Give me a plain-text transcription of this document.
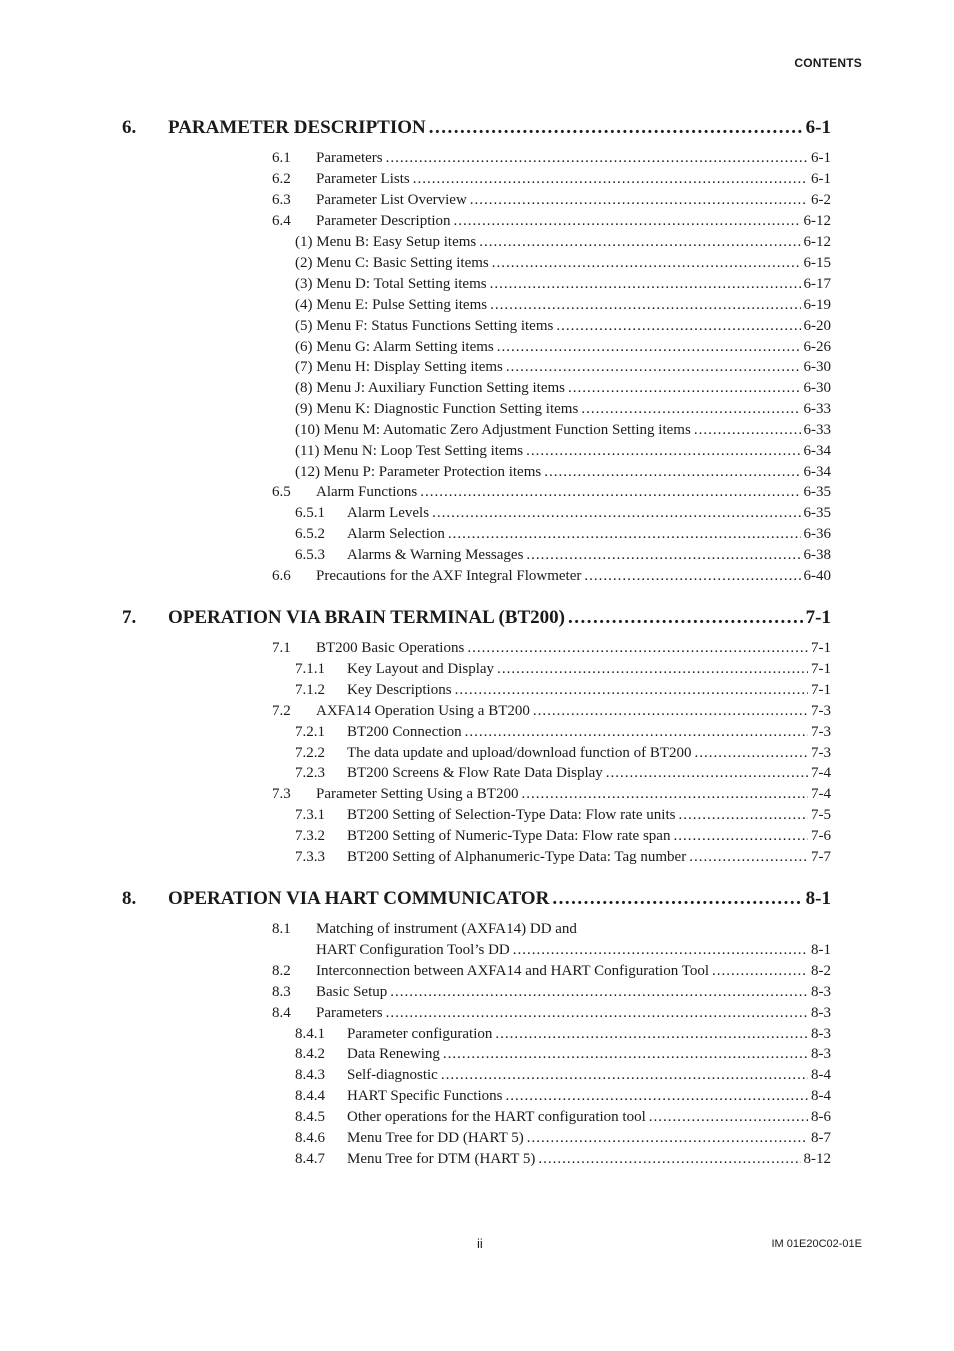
CONTENTS
6.	PARAMETER DESCRIPTION .....	6-1
6.1	Parameters .....	6-1
6.2	Parameter Lists .....	6-1
6.3	Parameter List Overview .....	6-2
6.4	Parameter Description .....	6-12
(1) Menu B: Easy Setup items .....	6-12
(2) Menu C: Basic Setting items .....	6-15
(3) Menu D: Total Setting items .....	6-17
(4) Menu E: Pulse Setting items .....	6-19
(5) Menu F: Status Functions Setting items .....	6-20
(6) Menu G: Alarm Setting items .....	6-26
(7) Menu H: Display Setting items .....	6-30
(8) Menu J: Auxiliary Function Setting items .....	6-30
(9) Menu K: Diagnostic Function Setting items .....	6-33
(10) Menu M: Automatic Zero Adjustment Function Setting items .....	6-33
(11) Menu N: Loop Test Setting items .....	6-34
(12) Menu P: Parameter Protection items .....	6-34
6.5	Alarm Functions .....	6-35
6.5.1	Alarm Levels .....	6-35
6.5.2	Alarm Selection .....	6-36
6.5.3	Alarms & Warning Messages .....	6-38
6.6	Precautions for the AXF Integral Flowmeter .....	6-40
7.	OPERATION VIA BRAIN TERMINAL (BT200) .....	7-1
7.1	BT200 Basic Operations .....	7-1
7.1.1	Key Layout and Display .....	7-1
7.1.2	Key Descriptions .....	7-1
7.2	AXFA14 Operation Using a BT200 .....	7-3
7.2.1	BT200 Connection .....	7-3
7.2.2	The data update and upload/download function of BT200 .....	7-3
7.2.3	BT200 Screens & Flow Rate Data Display .....	7-4
7.3	Parameter Setting Using a BT200 .....	7-4
7.3.1	BT200 Setting of Selection-Type Data: Flow rate units .....	7-5
7.3.2	BT200 Setting of Numeric-Type Data: Flow rate span .....	7-6
7.3.3	BT200 Setting of Alphanumeric-Type Data: Tag number .....	7-7
8.	OPERATION VIA HART COMMUNICATOR .....	8-1
8.1	Matching of instrument (AXFA14) DD and
HART Configuration Tool’s DD .....	8-1
8.2	Interconnection between AXFA14 and HART Configuration Tool .....	8-2
8.3	Basic Setup .....	8-3
8.4	Parameters .....	8-3
8.4.1	Parameter configuration .....	8-3
8.4.2	Data Renewing .....	8-3
8.4.3	Self-diagnostic .....	8-4
8.4.4	HART Specific Functions .....	8-4
8.4.5	Other operations for the HART configuration tool .....	8-6
8.4.6	Menu Tree for DD (HART 5) .....	8-7
8.4.7	Menu Tree for DTM (HART 5) .....	8-12
ii	IM 01E20C02-01E
